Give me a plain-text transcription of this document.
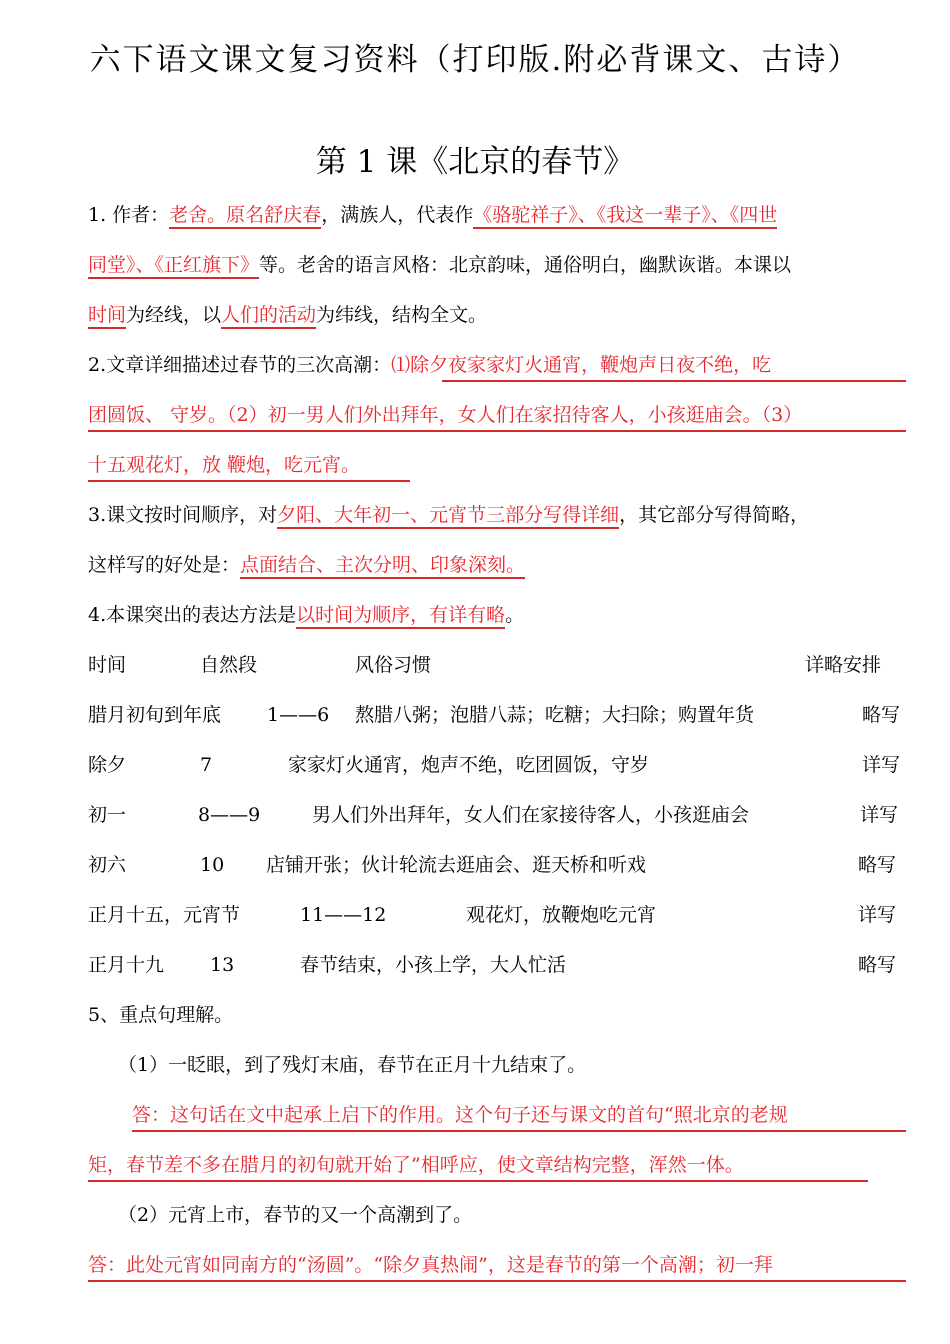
六下语文课文复习资料（打印版.附必背课文、古诗）
第 1 课《北京的春节》
1. 作者：老舍。原名舒庆春，满族人，代表作《骆驼祥子》、《我这一辈子》、《四世
同堂》、《正红旗下》等。老舍的语言风格：北京韵味，通俗明白，幽默诙谐。本课以
时间为经线，以人们的活动为纬线，结构全文。
2.文章详细描述过春节的三次高潮：⑴除夕夜家家灯火通宵，鞭炮声日夜不绝，吃
团圆饭、 守岁。（2）初一男人们外出拜年，女人们在家招待客人，小孩逛庙会。（3）
十五观花灯，放 鞭炮，吃元宵。
3.课文按时间顺序，对夕阳、大年初一、元宵节三部分写得详细，其它部分写得简略，
这样写的好处是：点面结合、主次分明、印象深刻。
4.本课突出的表达方法是以时间为顺序，有详有略。
时间	自然段	风俗习惯	详略安排
腊月初旬到年底 1——6 熬腊八粥；泡腊八蒜；吃糖；大扫除；购置年货	略写
除夕	7	家家灯火通宵，炮声不绝，吃团圆饭，守岁	详写
初一	8——9	男人们外出拜年，女人们在家接待客人，小孩逛庙会	详写
初六	10 店铺开张；伙计轮流去逛庙会、逛天桥和听戏	略写
正月十五，元宵节	11——12	观花灯，放鞭炮吃元宵	详写
正月十九 13	春节结束，小孩上学，大人忙活	略写
5、重点句理解。
（1）一眨眼，到了残灯末庙，春节在正月十九结束了。
答：这句话在文中起承上启下的作用。这个句子还与课文的首句“照北京的老规
矩，春节差不多在腊月的初旬就开始了”相呼应，使文章结构完整，浑然一体。
（2）元宵上市，春节的又一个高潮到了。
答：此处元宵如同南方的“汤圆”。“除夕真热闹”，这是春节的第一个高潮；初一拜
